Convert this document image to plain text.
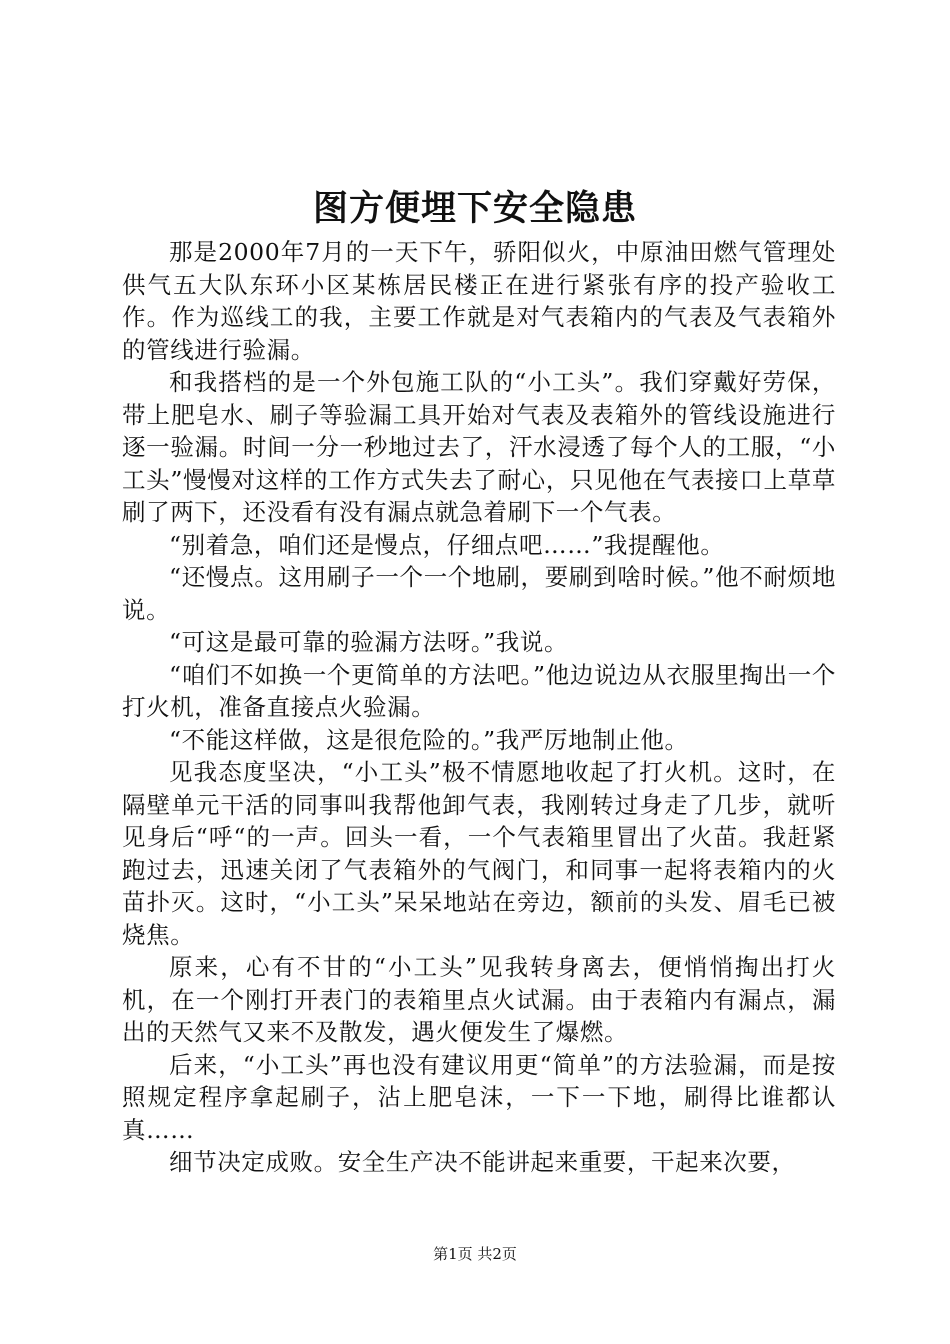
图方便埋下安全隐患

那是2000年7月的一天下午，骄阳似火，中原油田燃气管理处供气五大队东环小区某栋居民楼正在进行紧张有序的投产验收工作。作为巡线工的我，主要工作就是对气表箱内的气表及气表箱外的管线进行验漏。

和我搭档的是一个外包施工队的“小工头”。我们穿戴好劳保，带上肥皂水、刷子等验漏工具开始对气表及表箱外的管线设施进行逐一验漏。时间一分一秒地过去了，汗水浸透了每个人的工服，“小工头”慢慢对这样的工作方式失去了耐心，只见他在气表接口上草草刷了两下，还没看有没有漏点就急着刷下一个气表。

“别着急，咱们还是慢点，仔细点吧……”我提醒他。

“还慢点。这用刷子一个一个地刷，要刷到啥时候。”他不耐烦地说。

“可这是最可靠的验漏方法呀。”我说。

“咱们不如换一个更简单的方法吧。”他边说边从衣服里掏出一个打火机，准备直接点火验漏。

“不能这样做，这是很危险的。”我严厉地制止他。

见我态度坚决，“小工头”极不情愿地收起了打火机。这时，在隔壁单元干活的同事叫我帮他卸气表，我刚转过身走了几步，就听见身后“呼“的一声。回头一看，一个气表箱里冒出了火苗。我赶紧跑过去，迅速关闭了气表箱外的气阀门，和同事一起将表箱内的火苗扑灭。这时，“小工头”呆呆地站在旁边，额前的头发、眉毛已被烧焦。

原来，心有不甘的“小工头”见我转身离去，便悄悄掏出打火机，在一个刚打开表门的表箱里点火试漏。由于表箱内有漏点，漏出的天然气又来不及散发，遇火便发生了爆燃。

后来，“小工头”再也没有建议用更“简单”的方法验漏，而是按照规定程序拿起刷子，沾上肥皂沫，一下一下地，刷得比谁都认真……

细节决定成败。安全生产决不能讲起来重要，干起来次要，

第1页 共2页
